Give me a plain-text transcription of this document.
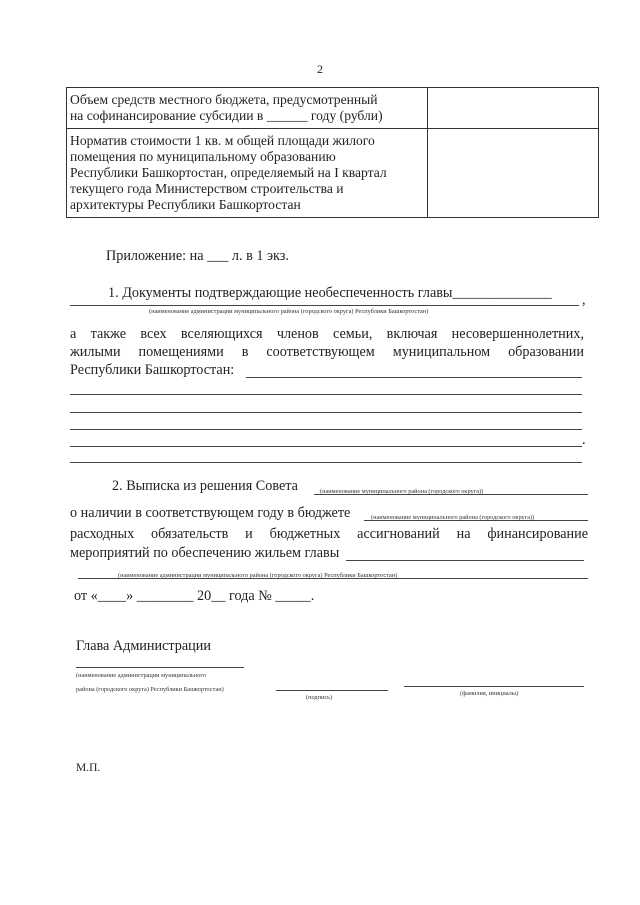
2
Объем средств местного бюджета, предусмотренный
на софинансирование субсидии в ______ году (рубли)	

Норматив стоимости 1 кв. м общей площади жилого
помещения по муниципальному образованию
Республики Башкортостан, определяемый на I квартал
текущего года Министерством строительства и
архитектуры Республики Башкортостан	

Приложение: на ___ л. в 1 экз.
1. Документы подтверждающие необеспеченность главы______________ ,
(наименование администрации муниципального района (городского округа) Республики Башкортостан)
а также всех вселяющихся членов семьи, включая несовершеннолетних,
жилыми помещениями в соответствующем муниципальном образовании
Республики Башкортостан:
.
2. Выписка из решения Совета	(наименование муниципального района (городского округа))
о наличии в соответствующем году в бюджете	(наименование муниципального района (городского округа))
расходных обязательств и бюджетных ассигнований на финансирование
мероприятий по обеспечению жильем главы
(наименование администрации муниципального района (городского округа) Республики Башкортостан)
от «____» ________ 20__ года № _____.
Глава Администрации
(наименование администрации муниципального
района (городского округа) Республики Башкортостан)
(подпись)
(фамилия, инициалы)
М.П.
